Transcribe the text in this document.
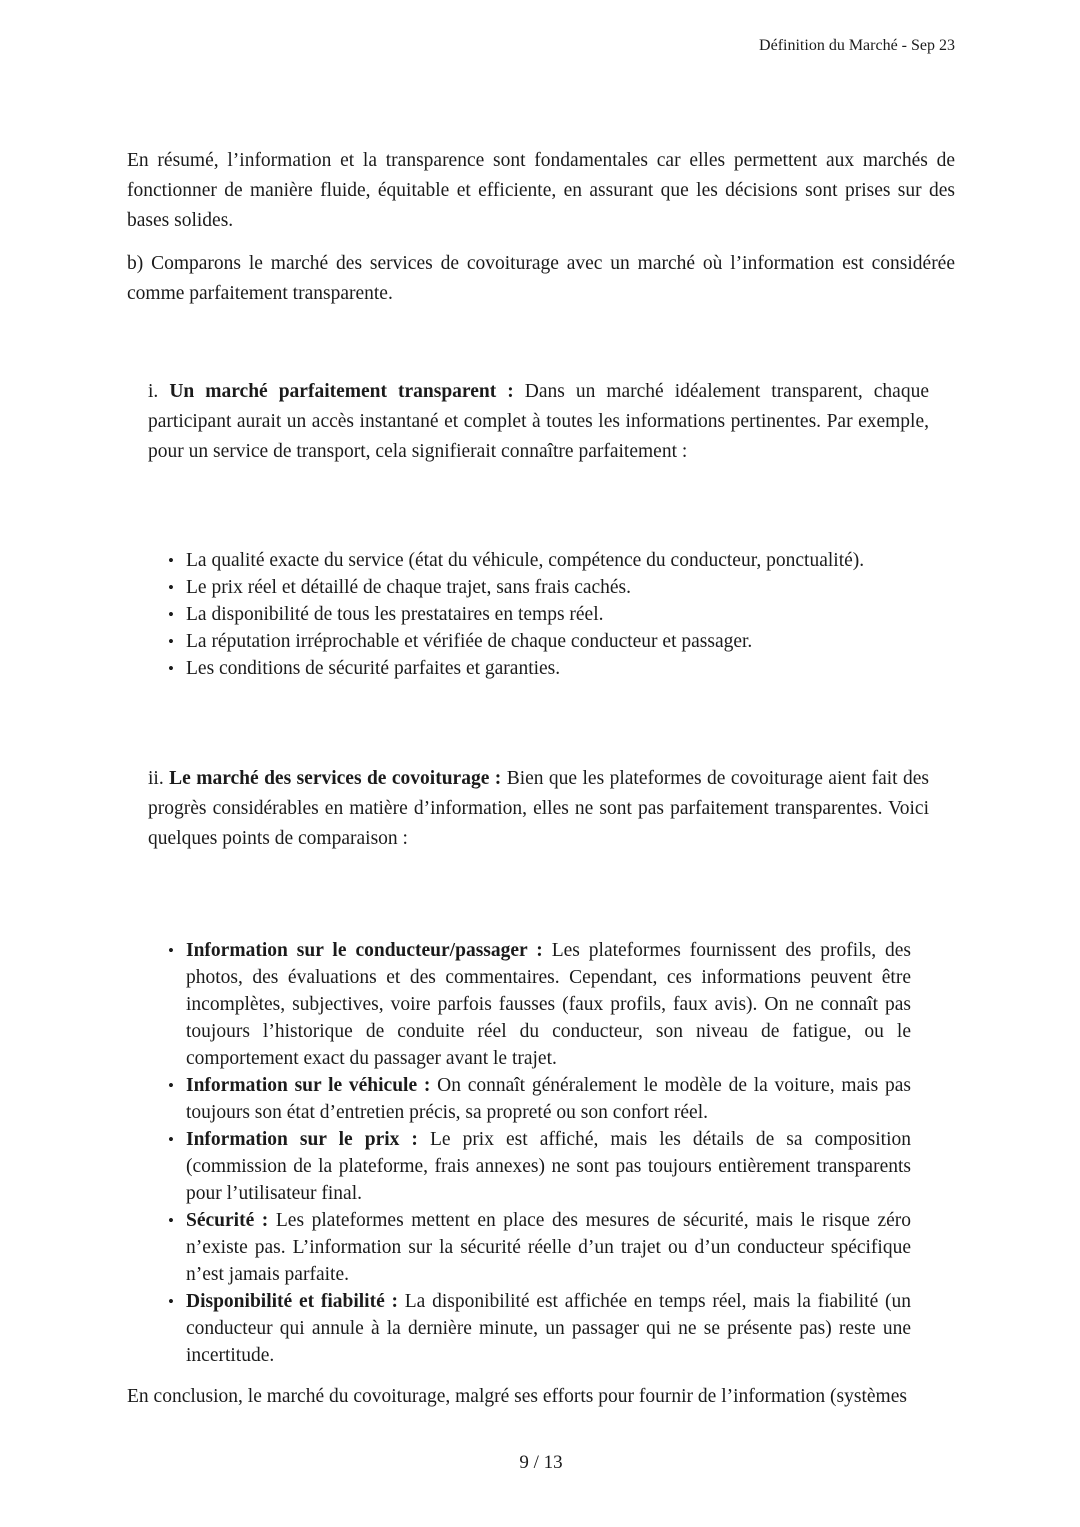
Définition du Marché - Sep 23

En résumé, l’information et la transparence sont fondamentales car elles permettent aux marchés de fonctionner de manière fluide, équitable et efficiente, en assurant que les décisions sont prises sur des bases solides.

b) Comparons le marché des services de covoiturage avec un marché où l’information est considérée comme parfaitement transparente.

i. Un marché parfaitement transparent : Dans un marché idéalement transparent, chaque participant aurait un accès instantané et complet à toutes les informations pertinentes. Par exemple, pour un service de transport, cela signifierait connaître parfaitement :

• La qualité exacte du service (état du véhicule, compétence du conducteur, ponctualité).
• Le prix réel et détaillé de chaque trajet, sans frais cachés.
• La disponibilité de tous les prestataires en temps réel.
• La réputation irréprochable et vérifiée de chaque conducteur et passager.
• Les conditions de sécurité parfaites et garanties.

ii. Le marché des services de covoiturage : Bien que les plateformes de covoiturage aient fait des progrès considérables en matière d’information, elles ne sont pas parfaitement transparentes. Voici quelques points de comparaison :

• Information sur le conducteur/passager : Les plateformes fournissent des profils, des photos, des évaluations et des commentaires. Cependant, ces informations peuvent être incomplètes, subjectives, voire parfois fausses (faux profils, faux avis). On ne connaît pas toujours l’historique de conduite réel du conducteur, son niveau de fatigue, ou le comportement exact du passager avant le trajet.
• Information sur le véhicule : On connaît généralement le modèle de la voiture, mais pas toujours son état d’entretien précis, sa propreté ou son confort réel.
• Information sur le prix : Le prix est affiché, mais les détails de sa composition (commission de la plateforme, frais annexes) ne sont pas toujours entièrement transparents pour l’utilisateur final.
• Sécurité : Les plateformes mettent en place des mesures de sécurité, mais le risque zéro n’existe pas. L’information sur la sécurité réelle d’un trajet ou d’un conducteur spécifique n’est jamais parfaite.
• Disponibilité et fiabilité : La disponibilité est affichée en temps réel, mais la fiabilité (un conducteur qui annule à la dernière minute, un passager qui ne se présente pas) reste une incertitude.

En conclusion, le marché du covoiturage, malgré ses efforts pour fournir de l’information (systèmes

9 / 13
